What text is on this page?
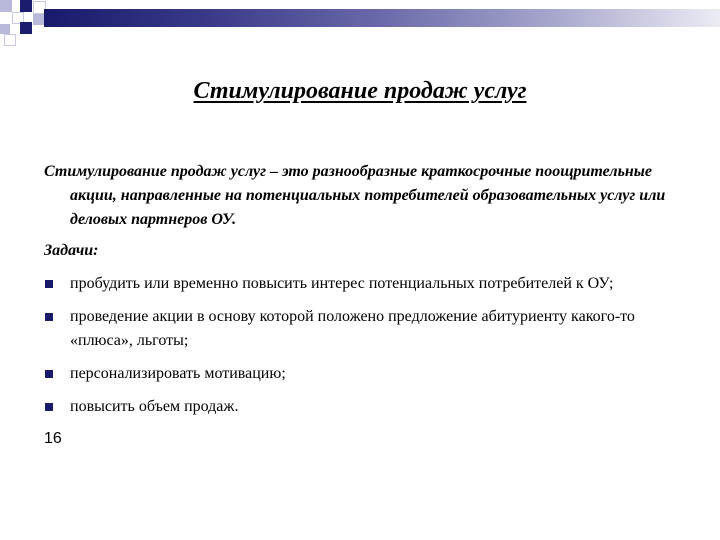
Стимулирование продаж услуг

Стимулирование продаж услуг – это разнообразные краткосрочные поощрительные акции, направленные на потенциальных потребителей образовательных услуг или деловых партнеров ОУ.

Задачи:

пробудить или временно повысить интерес потенциальных потребителей к ОУ;
проведение акции в основу которой положено предложение абитуриенту какого-то «плюса», льготы;
персонализировать мотивацию;
повысить объем продаж.
16
